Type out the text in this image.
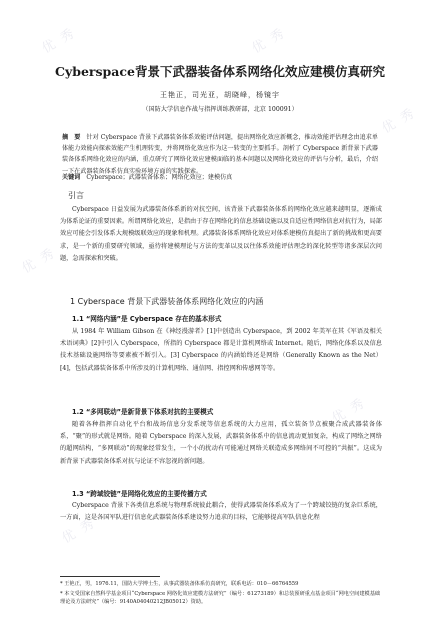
优 秀	优 秀
优 秀
优 秀
优 秀
优 秀
Cyberspace背景下武器装备体系网络化效应建模仿真研究
王艳正，司光亚，胡晓峰，杨镜宇
（国防大学信息作战与指挥训练教研部，北京 100091）
摘　要　 针对 Cyberspace 背景下武器装备体系效能评估问题，提出网络化效应新概念，推动效能评估理念由追求单体能力效能向探索效能产生机理转变，并将网络化效应作为这一转变的主要抓手。剖析了 Cyberspace 新背景下武器装备体系网络化效应的内涵，重点研究了网络化效应建模面临的基本问题以及网络化效应的评估与分析，最后，介绍一下在武器装备体系仿真实验环境方面的实践探索。
关键词　 Cyberspace；武器装备体系；网络化效应；建模仿真
引言
Cyberspace 日益发展为武器装备体系新的对抗空间，该背景下武器装备体系的网络化效应越来越明显，逐渐成为体系论证的重要因素。所谓网络化效应，是指由于存在网络化的信息基础设施以及自适应性网络信息对抗行为，局部效应可能会引发体系大规模级联效应的现象和机理。武器装备体系网络化效应对体系建模仿真提出了新的挑战和更高要求，是一个新的重要研究领域，亟待将建模理论与方法的变革以及以往体系效能评估理念的深化转型等诸多深层次问题，急需探索和突破。
1 Cyberspace 背景下武器装备体系网络化效应的内涵
1.1 “网络内涵”是 Cyberspace 存在的基本形式
从 1984 年 William Gibson 在《神经漫游者》[1]中创造出 Cyberspace，到 2002 年美军在其《军语及相关术语词典》[2]中引入 Cyberspace，所指的 Cyberspace 都是计算机网络或 Internet。随后，网络化体系以及信息技术基础设施网络等要素被不断引入。[3] Cyberspace 的内涵始终还是网络（Generally Known as the Net）[4]，包括武器装备体系中所涉及的计算机网络、通信网、指控网和传感网等等。
1.2 “多网联动”是新背景下体系对抗的主要模式
随着各种指挥自动化平台和战场信息分发系统等信息系统的大力应用，孤立装备节点被聚合成武器装备体系，“聚”的形式就是网络。随着 Cyberspace 的深入发展，武器装备体系中的信息流动更加复杂，构成了网络之网络的超网结构，“多网联动”的现象经常发生，一个小的扰动有可能通过网络关联造成多网络间不可控的“共振”。这成为新背景下武器装备体系对抗与论证不容忽视的新问题。
1.3 “跨域铰链”是网络化效应的主要传播方式
Cyberspace 背景下各类信息系统与物理系统彼此耦合，使得武器装备体系成为了一个跨域铰链的复杂巨系统，一方面，这是各国军队进行信息化武器装备体系建设努力追求的目标，它能够提高军队信息化程
* 王艳正，男，1976.11，国防大学博士生，从事武器装备体系仿真研究，联系电话：010－66764559
* 本文受国家自然科学基金项目“Cyberspace 网络化效应建模方法研究”（编号：61273189）和总装预研重点基金项目“网电空间建模基础理论及方法研究”（编号：9140A04040212JB05012）资助。
